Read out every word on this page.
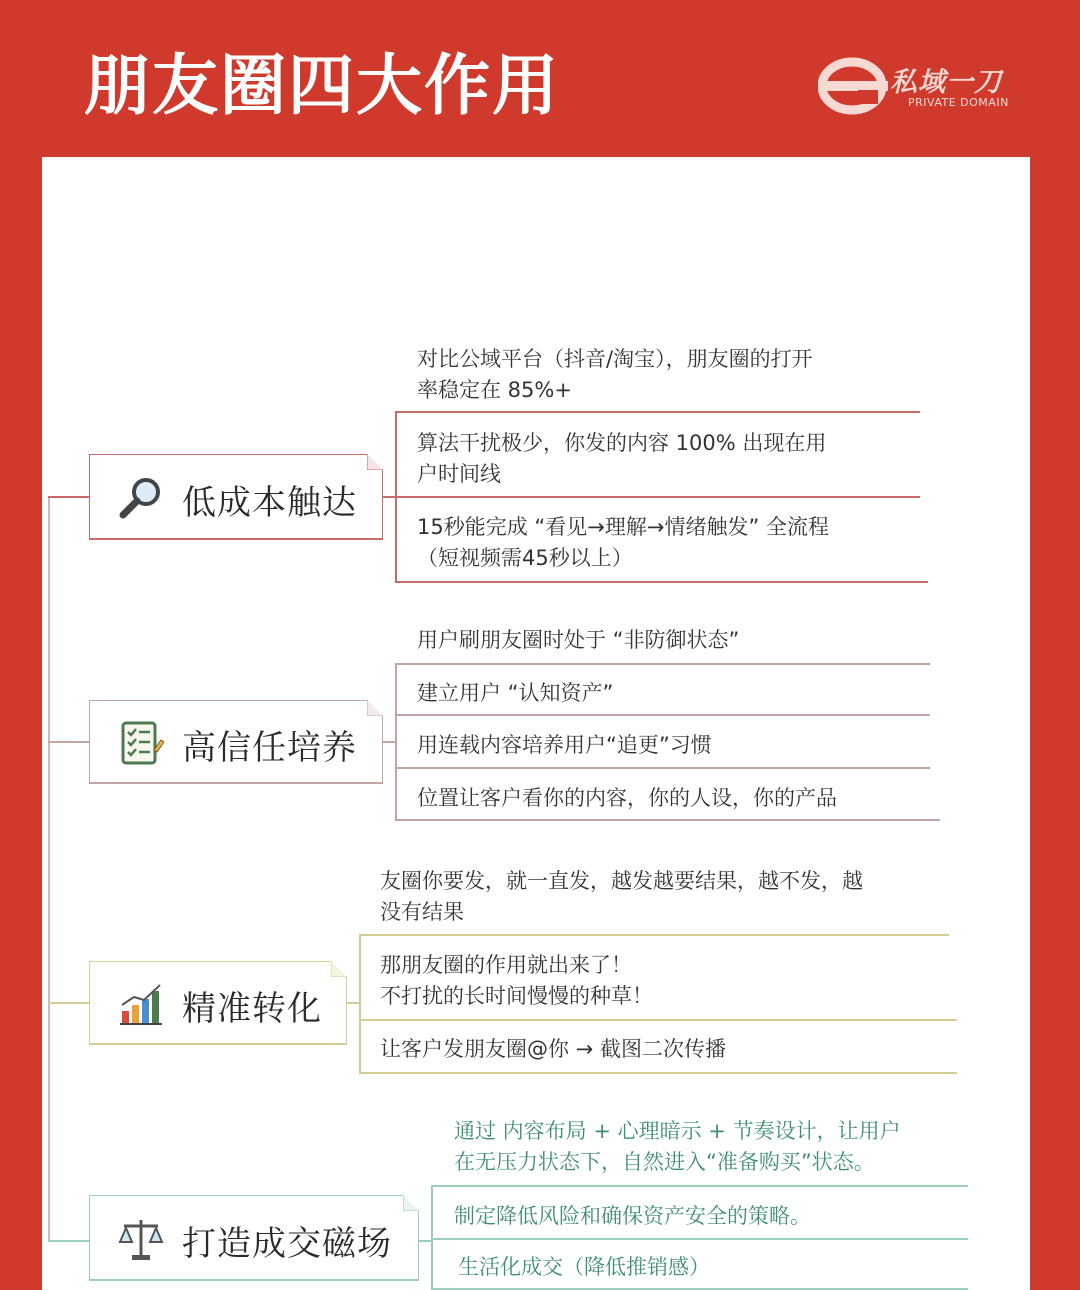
朋友圈四大作用	私域一刀
PRIVATE DOMAIN
低成本触达
对比公域平台（抖音/淘宝），朋友圈的打开
率稳定在 85%+
算法干扰极少，你发的内容 100% 出现在用
户时间线
15秒能完成 “看见→理解→情绪触发” 全流程
（短视频需45秒以上）
高信任培养
用户刷朋友圈时处于 “非防御状态”
建立用户 “认知资产”
用连载内容培养用户“追更”习惯
位置让客户看你的内容，你的人设，你的产品
精准转化
友圈你要发，就一直发，越发越要结果，越不发，越
没有结果
那朋友圈的作用就出来了！
不打扰的长时间慢慢的种草！
让客户发朋友圈@你 → 截图二次传播
打造成交磁场
通过 内容布局 + 心理暗示 + 节奏设计，让用户
在无压力状态下，自然进入“准备购买”状态。
制定降低风险和确保资产安全的策略。
生活化成交（降低推销感）
